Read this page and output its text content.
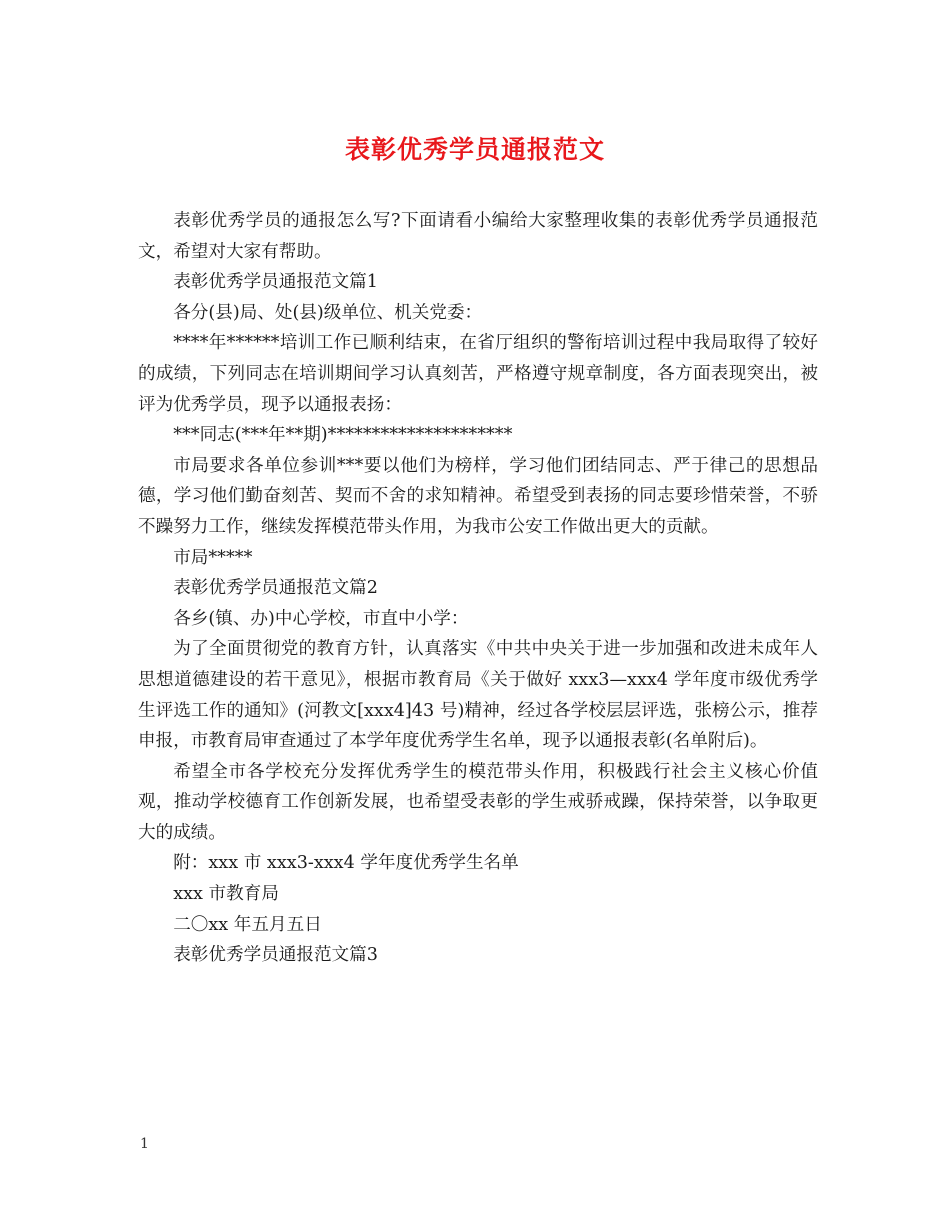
表彰优秀学员通报范文

表彰优秀学员的通报怎么写?下面请看小编给大家整理收集的表彰优秀学员通报范文，希望对大家有帮助。

表彰优秀学员通报范文篇1

各分(县)局、处(县)级单位、机关党委：

****年******培训工作已顺利结束，在省厅组织的警衔培训过程中我局取得了较好的成绩，下列同志在培训期间学习认真刻苦，严格遵守规章制度，各方面表现突出，被评为优秀学员，现予以通报表扬：

***同志(***年**期)*********************

市局要求各单位参训***要以他们为榜样，学习他们团结同志、严于律己的思想品德，学习他们勤奋刻苦、契而不舍的求知精神。希望受到表扬的同志要珍惜荣誉，不骄不躁努力工作，继续发挥模范带头作用，为我市公安工作做出更大的贡献。

市局*****

表彰优秀学员通报范文篇2

各乡(镇、办)中心学校，市直中小学：

为了全面贯彻党的教育方针，认真落实《中共中央关于进一步加强和改进未成年人思想道德建设的若干意见》，根据市教育局《关于做好 xxx3—xxx4 学年度市级优秀学生评选工作的通知》(河教文[xxx4]43 号)精神，经过各学校层层评选，张榜公示，推荐申报，市教育局审查通过了本学年度优秀学生名单，现予以通报表彰(名单附后)。

希望全市各学校充分发挥优秀学生的模范带头作用，积极践行社会主义核心价值观，推动学校德育工作创新发展，也希望受表彰的学生戒骄戒躁，保持荣誉，以争取更大的成绩。

附：xxx 市 xxx3-xxx4 学年度优秀学生名单

xxx 市教育局

二〇xx 年五月五日

表彰优秀学员通报范文篇3

1
